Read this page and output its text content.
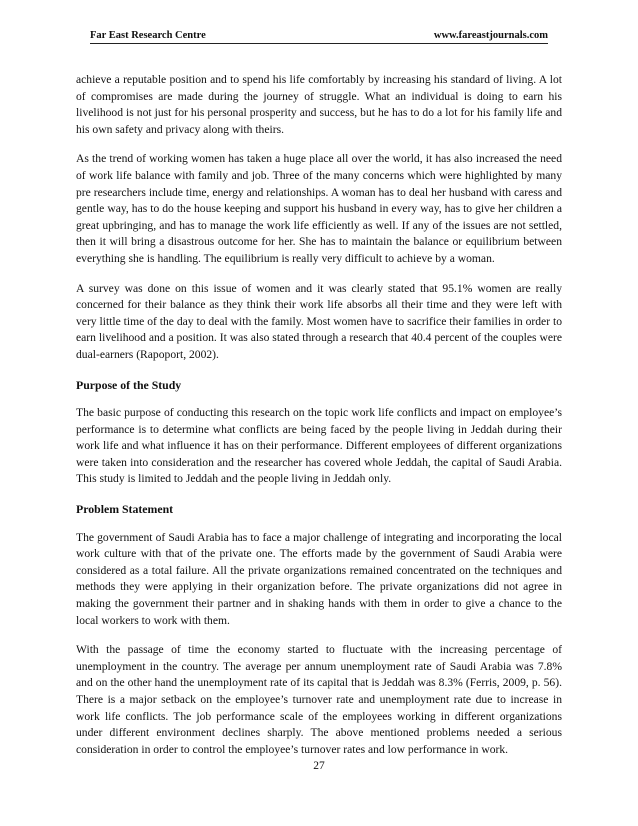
Far East Research Centre	www.fareastjournals.com

achieve a reputable position and to spend his life comfortably by increasing his standard of living. A lot of compromises are made during the journey of struggle. What an individual is doing to earn his livelihood is not just for his personal prosperity and success, but he has to do a lot for his family life and his own safety and privacy along with theirs.

As the trend of working women has taken a huge place all over the world, it has also increased the need of work life balance with family and job. Three of the many concerns which were highlighted by many pre researchers include time, energy and relationships. A woman has to deal her husband with caress and gentle way, has to do the house keeping and support his husband in every way, has to give her children a great upbringing, and has to manage the work life efficiently as well. If any of the issues are not settled, then it will bring a disastrous outcome for her. She has to maintain the balance or equilibrium between everything she is handling. The equilibrium is really very difficult to achieve by a woman.

A survey was done on this issue of women and it was clearly stated that 95.1% women are really concerned for their balance as they think their work life absorbs all their time and they were left with very little time of the day to deal with the family. Most women have to sacrifice their families in order to earn livelihood and a position. It was also stated through a research that 40.4 percent of the couples were dual-earners (Rapoport, 2002).

Purpose of the Study

The basic purpose of conducting this research on the topic work life conflicts and impact on employee’s performance is to determine what conflicts are being faced by the people living in Jeddah during their work life and what influence it has on their performance. Different employees of different organizations were taken into consideration and the researcher has covered whole Jeddah, the capital of Saudi Arabia. This study is limited to Jeddah and the people living in Jeddah only.

Problem Statement

The government of Saudi Arabia has to face a major challenge of integrating and incorporating the local work culture with that of the private one. The efforts made by the government of Saudi Arabia were considered as a total failure. All the private organizations remained concentrated on the techniques and methods they were applying in their organization before. The private organizations did not agree in making the government their partner and in shaking hands with them in order to give a chance to the local workers to work with them.

With the passage of time the economy started to fluctuate with the increasing percentage of unemployment in the country. The average per annum unemployment rate of Saudi Arabia was 7.8% and on the other hand the unemployment rate of its capital that is Jeddah was 8.3% (Ferris, 2009, p. 56). There is a major setback on the employee’s turnover rate and unemployment rate due to increase in work life conflicts. The job performance scale of the employees working in different organizations under different environment declines sharply. The above mentioned problems needed a serious consideration in order to control the employee’s turnover rates and low performance in work.

27
